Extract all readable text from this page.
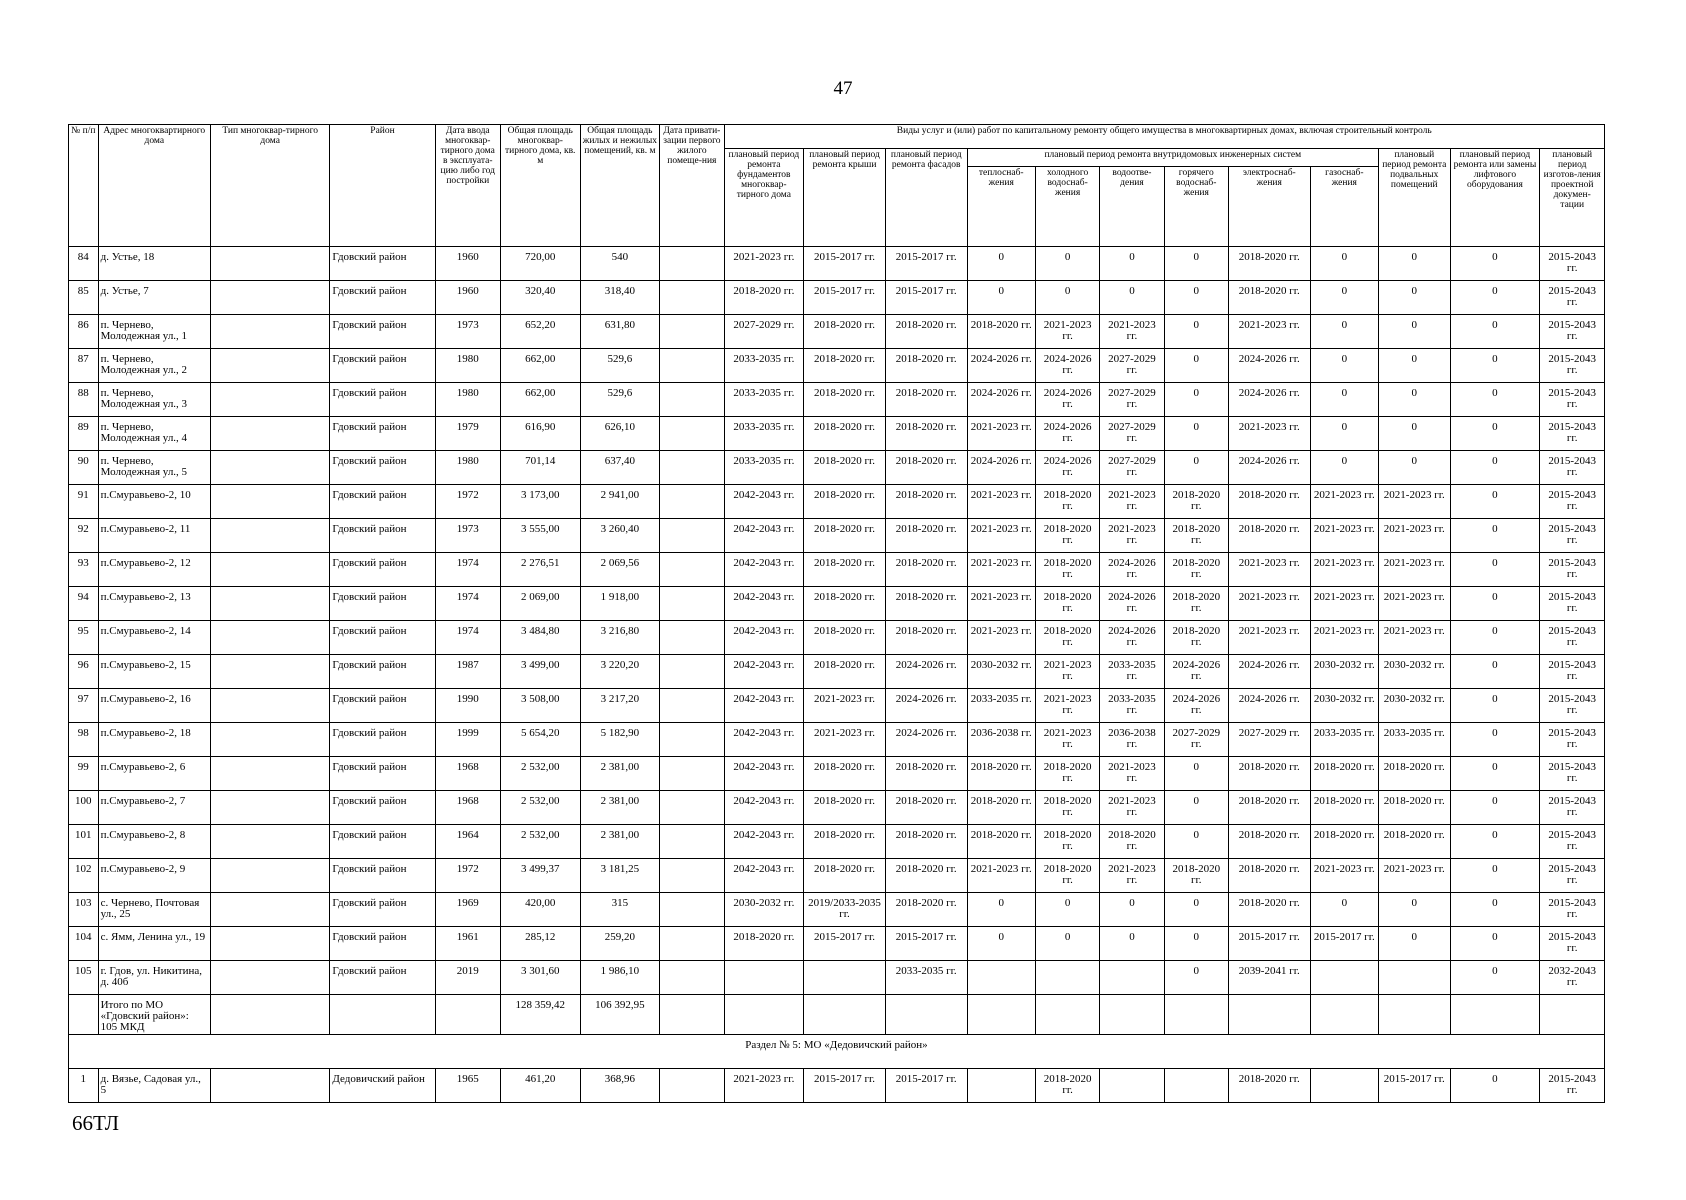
47
№ п/п	Адрес многоквартирного дома	Тип многоквар-тирного дома	Район	Дата ввода многоквар-тирного дома в эксплуата-цию либо год постройки	Общая площадь многоквар-тирного дома, кв. м	Общая площадь жилых и нежилых помещений, кв. м	Дата привати-зации первого жилого помеще-ния	Виды услуг и (или) работ по капитальному ремонту общего имущества в многоквартирных домах, включая строительный контроль											
								плановый период ремонта фундаментов многоквар-тирного дома	плановый период ремонта крыши	плановый период ремонта фасадов	плановый период ремонта внутридомовых инженерных систем						плановый период ремонта подвальных помещений	плановый период ремонта или замены лифтового оборудования	плановый период изготов-ления проектной докумен-тации
											теплоснаб-жения	холодного водоснаб-жения	водоотве-дения	горячего водоснаб-жения	электроснаб-жения	газоснаб-жения			
84	д. Устье, 18		Гдовский район	1960	720,00	540		2021-2023 гг.	2015-2017 гг.	2015-2017 гг.	0	0	0	0	2018-2020 гг.	0	0	0	2015-2043 гг.
85	д. Устье, 7		Гдовский район	1960	320,40	318,40		2018-2020 гг.	2015-2017 гг.	2015-2017 гг.	0	0	0	0	2018-2020 гг.	0	0	0	2015-2043 гг.
86	п. Чернево, Молодежная ул., 1		Гдовский район	1973	652,20	631,80		2027-2029 гг.	2018-2020 гг.	2018-2020 гг.	2018-2020 гг.	2021-2023 гг.	2021-2023 гг.	0	2021-2023 гг.	0	0	0	2015-2043 гг.
87	п. Чернево, Молодежная ул., 2		Гдовский район	1980	662,00	529,6		2033-2035 гг.	2018-2020 гг.	2018-2020 гг.	2024-2026 гг.	2024-2026 гг.	2027-2029 гг.	0	2024-2026 гг.	0	0	0	2015-2043 гг.
88	п. Чернево, Молодежная ул., 3		Гдовский район	1980	662,00	529,6		2033-2035 гг.	2018-2020 гг.	2018-2020 гг.	2024-2026 гг.	2024-2026 гг.	2027-2029 гг.	0	2024-2026 гг.	0	0	0	2015-2043 гг.
89	п. Чернево, Молодежная ул., 4		Гдовский район	1979	616,90	626,10		2033-2035 гг.	2018-2020 гг.	2018-2020 гг.	2021-2023 гг.	2024-2026 гг.	2027-2029 гг.	0	2021-2023 гг.	0	0	0	2015-2043 гг.
90	п. Чернево, Молодежная ул., 5		Гдовский район	1980	701,14	637,40		2033-2035 гг.	2018-2020 гг.	2018-2020 гг.	2024-2026 гг.	2024-2026 гг.	2027-2029 гг.	0	2024-2026 гг.	0	0	0	2015-2043 гг.
91	п.Смуравьево-2, 10		Гдовский район	1972	3 173,00	2 941,00		2042-2043 гг.	2018-2020 гг.	2018-2020 гг.	2021-2023 гг.	2018-2020 гг.	2021-2023 гг.	2018-2020 гг.	2018-2020 гг.	2021-2023 гг.	2021-2023 гг.	0	2015-2043 гг.
92	п.Смуравьево-2, 11		Гдовский район	1973	3 555,00	3 260,40		2042-2043 гг.	2018-2020 гг.	2018-2020 гг.	2021-2023 гг.	2018-2020 гг.	2021-2023 гг.	2018-2020 гг.	2018-2020 гг.	2021-2023 гг.	2021-2023 гг.	0	2015-2043 гг.
93	п.Смуравьево-2, 12		Гдовский район	1974	2 276,51	2 069,56		2042-2043 гг.	2018-2020 гг.	2018-2020 гг.	2021-2023 гг.	2018-2020 гг.	2024-2026 гг.	2018-2020 гг.	2021-2023 гг.	2021-2023 гг.	2021-2023 гг.	0	2015-2043 гг.
94	п.Смуравьево-2, 13		Гдовский район	1974	2 069,00	1 918,00		2042-2043 гг.	2018-2020 гг.	2018-2020 гг.	2021-2023 гг.	2018-2020 гг.	2024-2026 гг.	2018-2020 гг.	2021-2023 гг.	2021-2023 гг.	2021-2023 гг.	0	2015-2043 гг.
95	п.Смуравьево-2, 14		Гдовский район	1974	3 484,80	3 216,80		2042-2043 гг.	2018-2020 гг.	2018-2020 гг.	2021-2023 гг.	2018-2020 гг.	2024-2026 гг.	2018-2020 гг.	2021-2023 гг.	2021-2023 гг.	2021-2023 гг.	0	2015-2043 гг.
96	п.Смуравьево-2, 15		Гдовский район	1987	3 499,00	3 220,20		2042-2043 гг.	2018-2020 гг.	2024-2026 гг.	2030-2032 гг.	2021-2023 гг.	2033-2035 гг.	2024-2026 гг.	2024-2026 гг.	2030-2032 гг.	2030-2032 гг.	0	2015-2043 гг.
97	п.Смуравьево-2, 16		Гдовский район	1990	3 508,00	3 217,20		2042-2043 гг.	2021-2023 гг.	2024-2026 гг.	2033-2035 гг.	2021-2023 гг.	2033-2035 гг.	2024-2026 гг.	2024-2026 гг.	2030-2032 гг.	2030-2032 гг.	0	2015-2043 гг.
98	п.Смуравьево-2, 18		Гдовский район	1999	5 654,20	5 182,90		2042-2043 гг.	2021-2023 гг.	2024-2026 гг.	2036-2038 гг.	2021-2023 гг.	2036-2038 гг.	2027-2029 гг.	2027-2029 гг.	2033-2035 гг.	2033-2035 гг.	0	2015-2043 гг.
99	п.Смуравьево-2, 6		Гдовский район	1968	2 532,00	2 381,00		2042-2043 гг.	2018-2020 гг.	2018-2020 гг.	2018-2020 гг.	2018-2020 гг.	2021-2023 гг.	0	2018-2020 гг.	2018-2020 гг.	2018-2020 гг.	0	2015-2043 гг.
100	п.Смуравьево-2, 7		Гдовский район	1968	2 532,00	2 381,00		2042-2043 гг.	2018-2020 гг.	2018-2020 гг.	2018-2020 гг.	2018-2020 гг.	2021-2023 гг.	0	2018-2020 гг.	2018-2020 гг.	2018-2020 гг.	0	2015-2043 гг.
101	п.Смуравьево-2, 8		Гдовский район	1964	2 532,00	2 381,00		2042-2043 гг.	2018-2020 гг.	2018-2020 гг.	2018-2020 гг.	2018-2020 гг.	2018-2020 гг.	0	2018-2020 гг.	2018-2020 гг.	2018-2020 гг.	0	2015-2043 гг.
102	п.Смуравьево-2, 9		Гдовский район	1972	3 499,37	3 181,25		2042-2043 гг.	2018-2020 гг.	2018-2020 гг.	2021-2023 гг.	2018-2020 гг.	2021-2023 гг.	2018-2020 гг.	2018-2020 гг.	2021-2023 гг.	2021-2023 гг.	0	2015-2043 гг.
103	с. Чернево, Почтовая ул., 25		Гдовский район	1969	420,00	315		2030-2032 гг.	2019/2033-2035 гг.	2018-2020 гг.	0	0	0	0	2018-2020 гг.	0	0	0	2015-2043 гг.
104	с. Ямм, Ленина ул., 19		Гдовский район	1961	285,12	259,20		2018-2020 гг.	2015-2017 гг.	2015-2017 гг.	0	0	0	0	2015-2017 гг.	2015-2017 гг.	0	0	2015-2043 гг.
105	г. Гдов, ул. Никитина, д. 40б		Гдовский район	2019	3 301,60	1 986,10				2033-2035 гг.				0	2039-2041 гг.			0	2032-2043 гг.
	Итого по МО «Гдовский район»: 105 МКД				128 359,42	106 392,95													
Раздел № 5: МО «Дедовичский район»																			
1	д. Вязье, Садовая ул., 5		Дедовичский район	1965	461,20	368,96		2021-2023 гг.	2015-2017 гг.	2015-2017 гг.		2018-2020 гг.			2018-2020 гг.		2015-2017 гг.	0	2015-2043 гг.
66ТЛ
